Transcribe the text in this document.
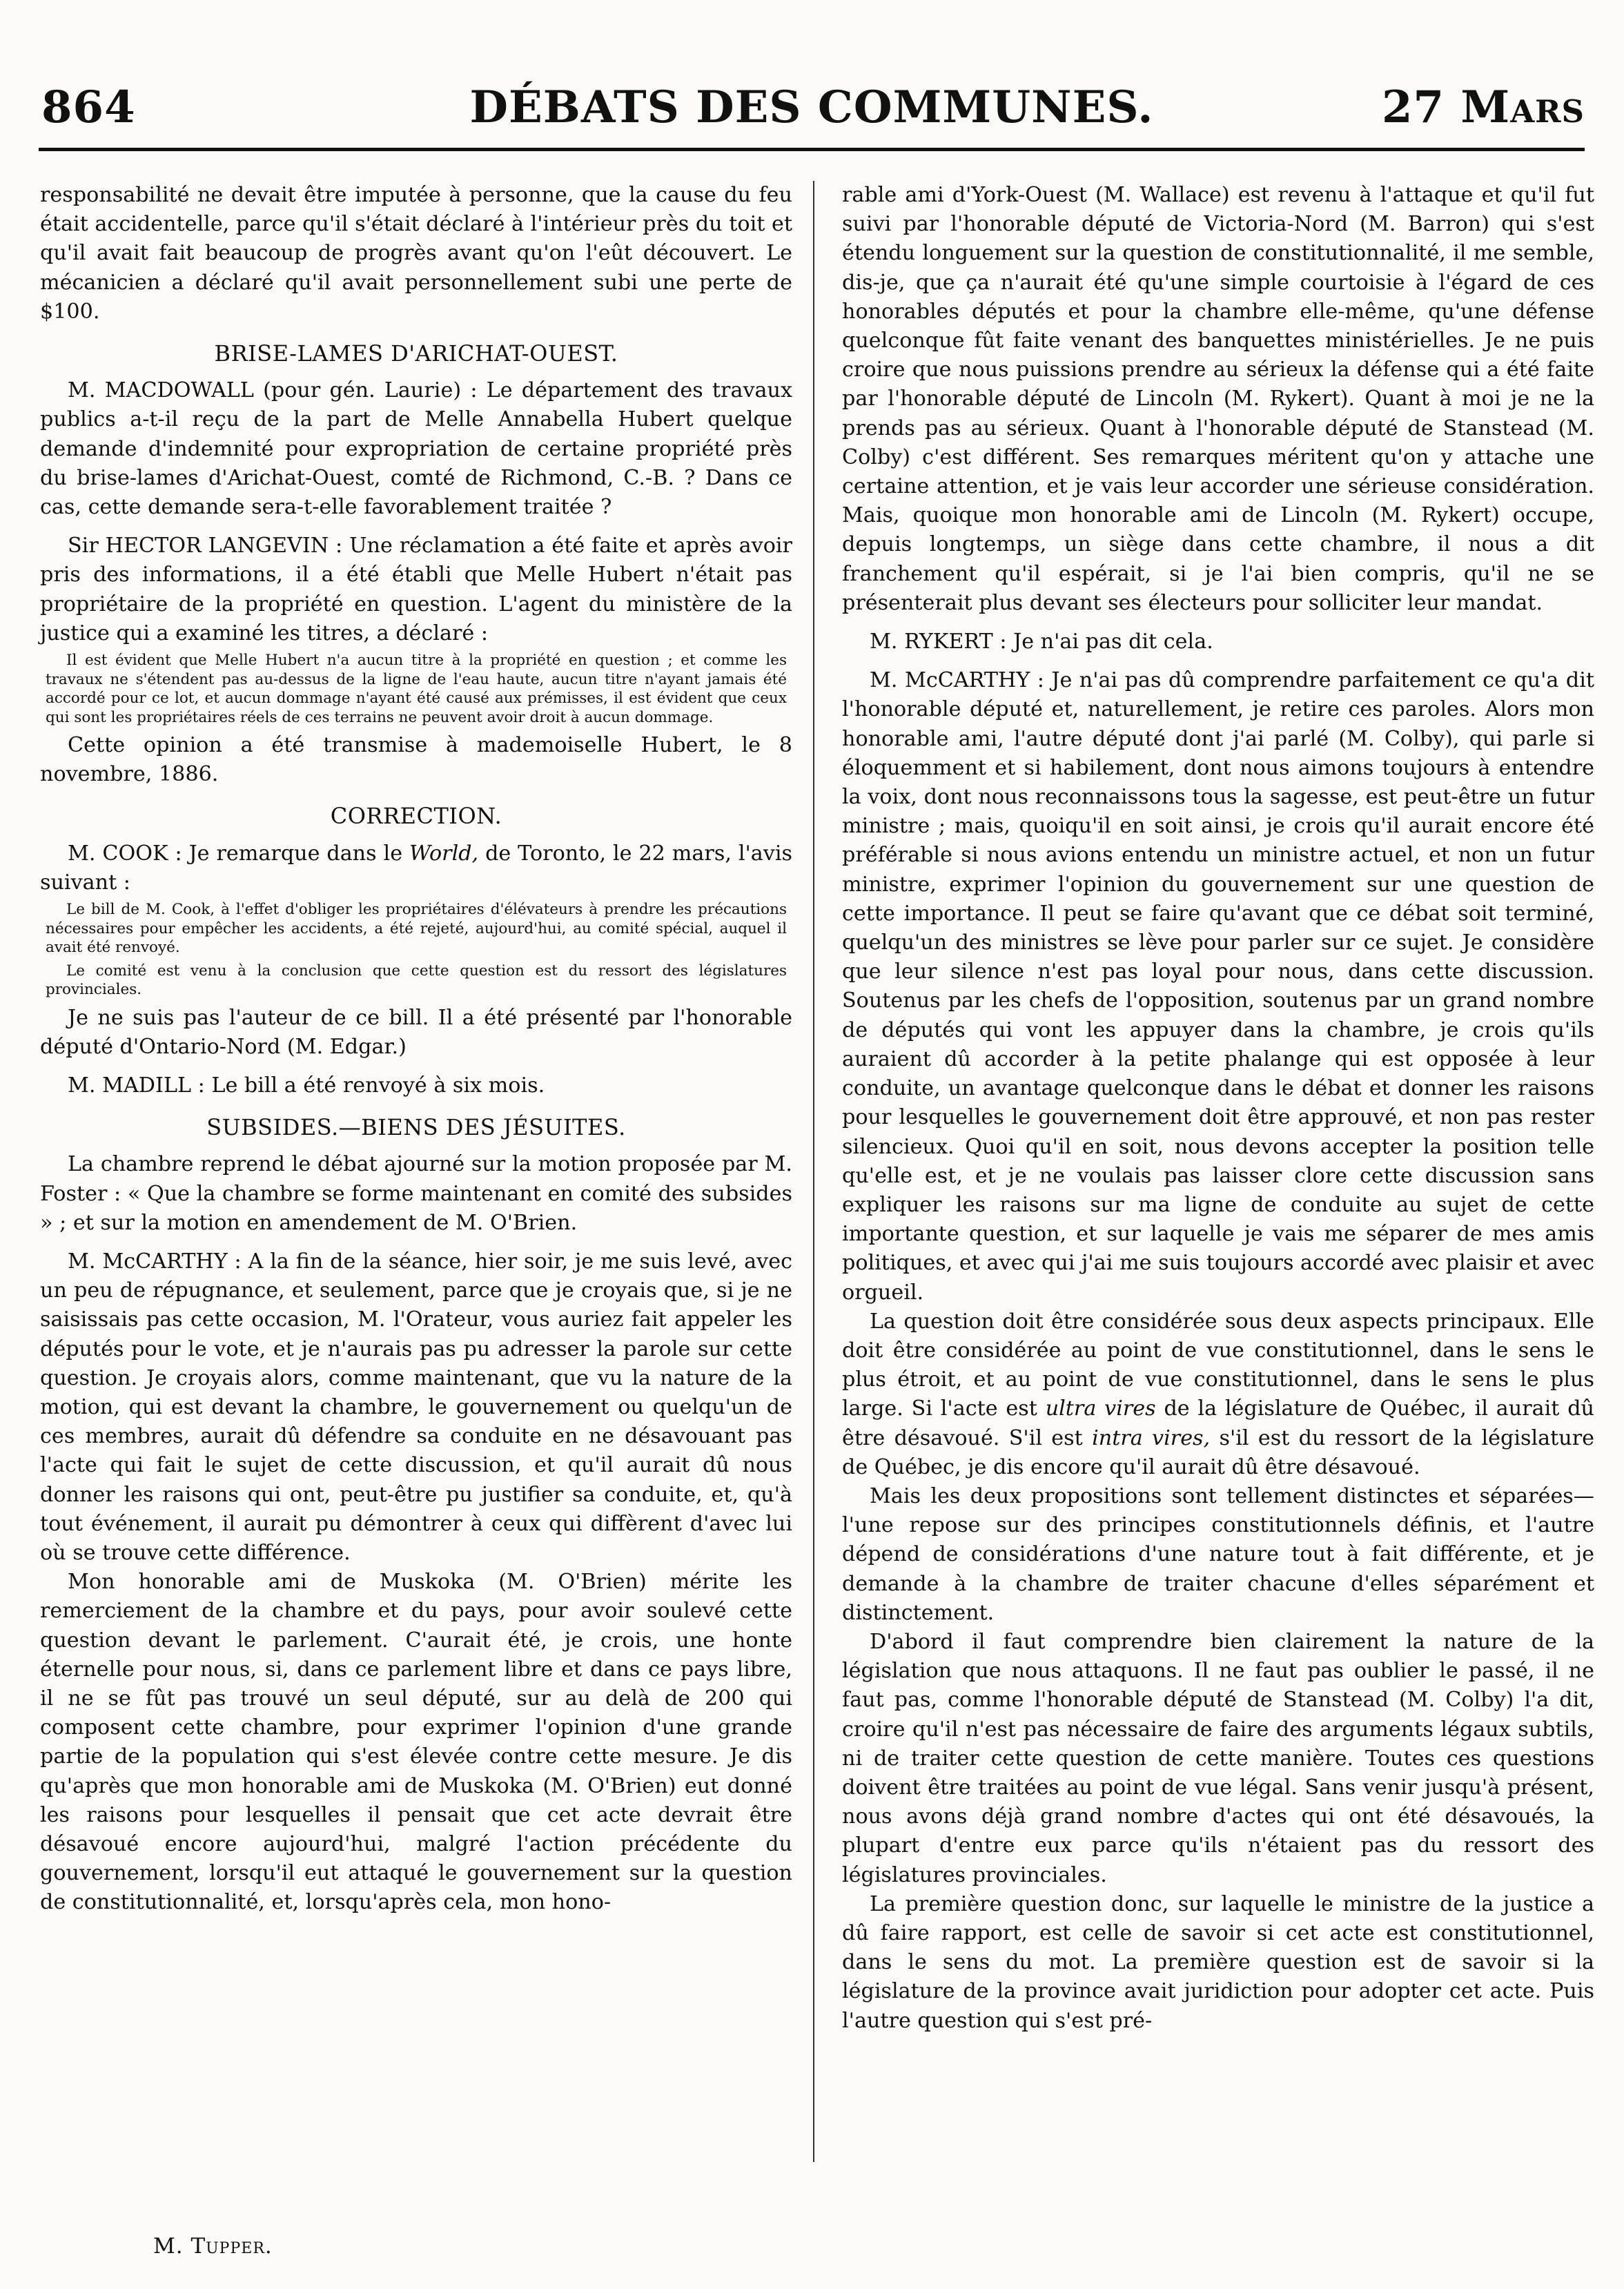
864	DÉBATS DES COMMUNES.	27 Mars

responsabilité ne devait être imputée à personne, que la cause du feu était accidentelle, parce qu'il s'était déclaré à l'intérieur près du toit et qu'il avait fait beaucoup de progrès avant qu'on l'eût découvert. Le mécanicien a déclaré qu'il avait personnellement subi une perte de $100.

BRISE-LAMES D'ARICHAT-OUEST.

M. MACDOWALL (pour gén. Laurie) : Le département des travaux publics a-t-il reçu de la part de Melle Annabella Hubert quelque demande d'indemnité pour expropriation de certaine propriété près du brise-lames d'Arichat-Ouest, comté de Richmond, C.-B. ? Dans ce cas, cette demande sera-t-elle favorablement traitée ?

Sir HECTOR LANGEVIN : Une réclamation a été faite et après avoir pris des informations, il a été établi que Melle Hubert n'était pas propriétaire de la propriété en question. L'agent du ministère de la justice qui a examiné les titres, a déclaré :

Il est évident que Melle Hubert n'a aucun titre à la propriété en question ; et comme les travaux ne s'étendent pas au-dessus de la ligne de l'eau haute, aucun titre n'ayant jamais été accordé pour ce lot, et aucun dommage n'ayant été causé aux prémisses, il est évident que ceux qui sont les propriétaires réels de ces terrains ne peuvent avoir droit à aucun dommage.

Cette opinion a été transmise à mademoiselle Hubert, le 8 novembre, 1886.

CORRECTION.

M. COOK : Je remarque dans le World, de Toronto, le 22 mars, l'avis suivant :

Le bill de M. Cook, à l'effet d'obliger les propriétaires d'élévateurs à prendre les précautions nécessaires pour empêcher les accidents, a été rejeté, aujourd'hui, au comité spécial, auquel il avait été renvoyé.

Le comité est venu à la conclusion que cette question est du ressort des législatures provinciales.

Je ne suis pas l'auteur de ce bill. Il a été présenté par l'honorable député d'Ontario-Nord (M. Edgar.)

M. MADILL : Le bill a été renvoyé à six mois.

SUBSIDES.—BIENS DES JÉSUITES.

La chambre reprend le débat ajourné sur la motion proposée par M. Foster : « Que la chambre se forme maintenant en comité des subsides » ; et sur la motion en amendement de M. O'Brien.

M. McCARTHY : A la fin de la séance, hier soir, je me suis levé, avec un peu de répugnance, et seulement, parce que je croyais que, si je ne saisissais pas cette occasion, M. l'Orateur, vous auriez fait appeler les députés pour le vote, et je n'aurais pas pu adresser la parole sur cette question. Je croyais alors, comme maintenant, que vu la nature de la motion, qui est devant la chambre, le gouvernement ou quelqu'un de ces membres, aurait dû défendre sa conduite en ne désavouant pas l'acte qui fait le sujet de cette discussion, et qu'il aurait dû nous donner les raisons qui ont, peut-être pu justifier sa conduite, et, qu'à tout événement, il aurait pu démontrer à ceux qui diffèrent d'avec lui où se trouve cette différence.

Mon honorable ami de Muskoka (M. O'Brien) mérite les remerciement de la chambre et du pays, pour avoir soulevé cette question devant le parlement. C'aurait été, je crois, une honte éternelle pour nous, si, dans ce parlement libre et dans ce pays libre, il ne se fût pas trouvé un seul député, sur au delà de 200 qui composent cette chambre, pour exprimer l'opinion d'une grande partie de la population qui s'est élevée contre cette mesure. Je dis qu'après que mon honorable ami de Muskoka (M. O'Brien) eut donné les raisons pour lesquelles il pensait que cet acte devrait être désavoué encore aujourd'hui, malgré l'action précédente du gouvernement, lorsqu'il eut attaqué le gouvernement sur la question de constitutionnalité, et, lorsqu'après cela, mon hono-

rable ami d'York-Ouest (M. Wallace) est revenu à l'attaque et qu'il fut suivi par l'honorable député de Victoria-Nord (M. Barron) qui s'est étendu longuement sur la question de constitutionnalité, il me semble, dis-je, que ça n'aurait été qu'une simple courtoisie à l'égard de ces honorables députés et pour la chambre elle-même, qu'une défense quelconque fût faite venant des banquettes ministérielles. Je ne puis croire que nous puissions prendre au sérieux la défense qui a été faite par l'honorable député de Lincoln (M. Rykert). Quant à moi je ne la prends pas au sérieux. Quant à l'honorable député de Stanstead (M. Colby) c'est différent. Ses remarques méritent qu'on y attache une certaine attention, et je vais leur accorder une sérieuse considération. Mais, quoique mon honorable ami de Lincoln (M. Rykert) occupe, depuis longtemps, un siège dans cette chambre, il nous a dit franchement qu'il espérait, si je l'ai bien compris, qu'il ne se présenterait plus devant ses électeurs pour solliciter leur mandat.

M. RYKERT : Je n'ai pas dit cela.

M. McCARTHY : Je n'ai pas dû comprendre parfaitement ce qu'a dit l'honorable député et, naturellement, je retire ces paroles. Alors mon honorable ami, l'autre député dont j'ai parlé (M. Colby), qui parle si éloquemment et si habilement, dont nous aimons toujours à entendre la voix, dont nous reconnaissons tous la sagesse, est peut-être un futur ministre ; mais, quoiqu'il en soit ainsi, je crois qu'il aurait encore été préférable si nous avions entendu un ministre actuel, et non un futur ministre, exprimer l'opinion du gouvernement sur une question de cette importance. Il peut se faire qu'avant que ce débat soit terminé, quelqu'un des ministres se lève pour parler sur ce sujet. Je considère que leur silence n'est pas loyal pour nous, dans cette discussion. Soutenus par les chefs de l'opposition, soutenus par un grand nombre de députés qui vont les appuyer dans la chambre, je crois qu'ils auraient dû accorder à la petite phalange qui est opposée à leur conduite, un avantage quelconque dans le débat et donner les raisons pour lesquelles le gouvernement doit être approuvé, et non pas rester silencieux. Quoi qu'il en soit, nous devons accepter la position telle qu'elle est, et je ne voulais pas laisser clore cette discussion sans expliquer les raisons sur ma ligne de conduite au sujet de cette importante question, et sur laquelle je vais me séparer de mes amis politiques, et avec qui j'ai me suis toujours accordé avec plaisir et avec orgueil.

La question doit être considérée sous deux aspects principaux. Elle doit être considérée au point de vue constitutionnel, dans le sens le plus étroit, et au point de vue constitutionnel, dans le sens le plus large. Si l'acte est ultra vires de la législature de Québec, il aurait dû être désavoué. S'il est intra vires, s'il est du ressort de la législature de Québec, je dis encore qu'il aurait dû être désavoué.

Mais les deux propositions sont tellement distinctes et séparées—l'une repose sur des principes constitutionnels définis, et l'autre dépend de considérations d'une nature tout à fait différente, et je demande à la chambre de traiter chacune d'elles séparément et distinctement.

D'abord il faut comprendre bien clairement la nature de la législation que nous attaquons. Il ne faut pas oublier le passé, il ne faut pas, comme l'honorable député de Stanstead (M. Colby) l'a dit, croire qu'il n'est pas nécessaire de faire des arguments légaux subtils, ni de traiter cette question de cette manière. Toutes ces questions doivent être traitées au point de vue légal. Sans venir jusqu'à présent, nous avons déjà grand nombre d'actes qui ont été désavoués, la plupart d'entre eux parce qu'ils n'étaient pas du ressort des législatures provinciales.

La première question donc, sur laquelle le ministre de la justice a dû faire rapport, est celle de savoir si cet acte est constitutionnel, dans le sens du mot. La première question est de savoir si la législature de la province avait juridiction pour adopter cet acte. Puis l'autre question qui s'est pré-

M. Tupper.
